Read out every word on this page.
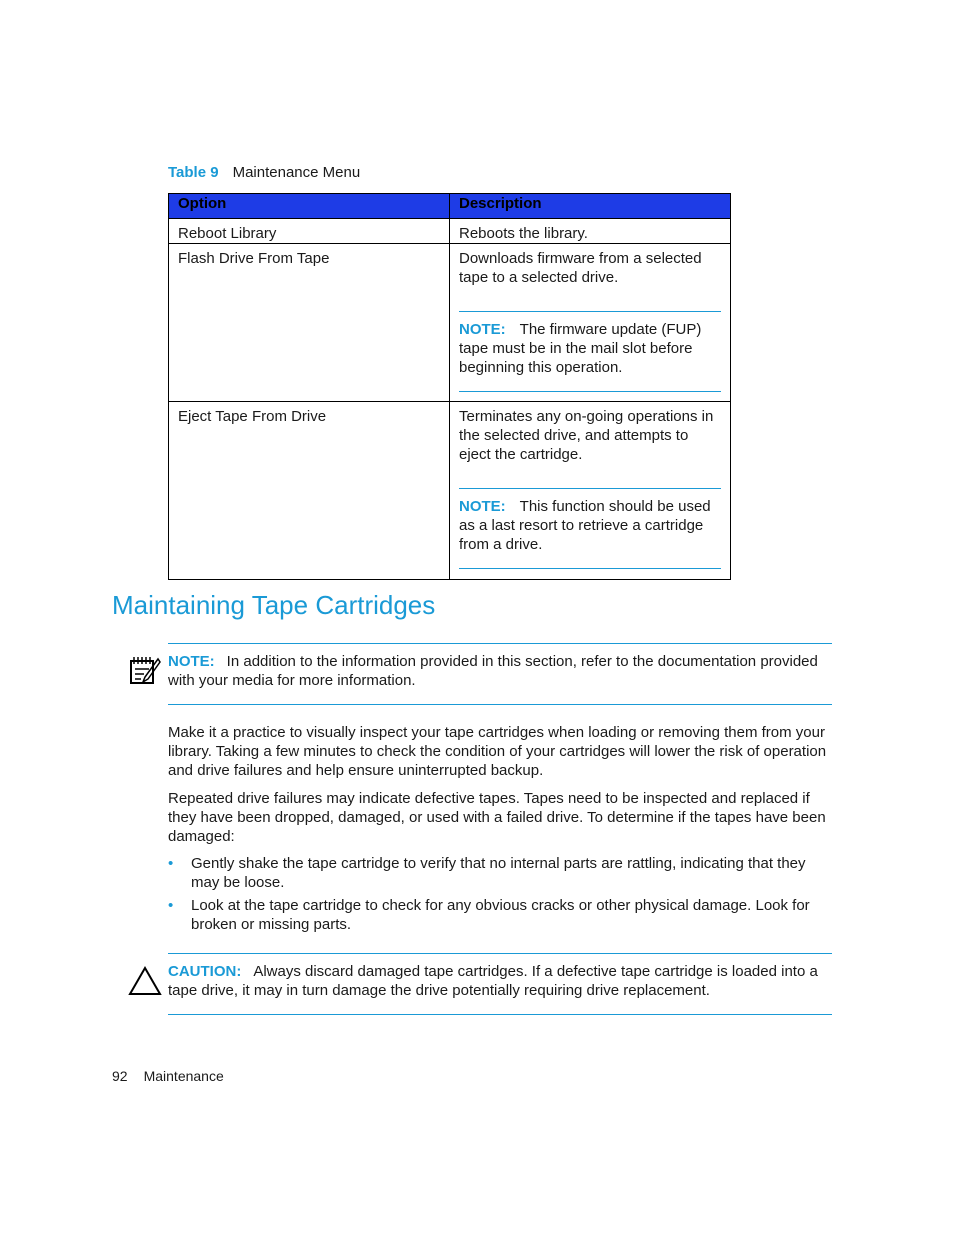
Table 9 Maintenance Menu
Option	Description
Reboot Library	Reboots the library.
Flash Drive From Tape	Downloads firmware from a selected tape to a selected drive.
NOTE: The firmware update (FUP) tape must be in the mail slot before beginning this operation.

Eject Tape From Drive	Terminates any on-going operations in the selected drive, and attempts to eject the cartridge.
NOTE: This function should be used as a last resort to retrieve a cartridge from a drive.
Maintaining Tape Cartridges
NOTE: In addition to the information provided in this section, refer to the documentation provided with your media for more information.
Make it a practice to visually inspect your tape cartridges when loading or removing them from your library. Taking a few minutes to check the condition of your cartridges will lower the risk of operation and drive failures and help ensure uninterrupted backup.
Repeated drive failures may indicate defective tapes. Tapes need to be inspected and replaced if they have been dropped, damaged, or used with a failed drive. To determine if the tapes have been damaged:
• Gently shake the tape cartridge to verify that no internal parts are rattling, indicating that they may be loose.
• Look at the tape cartridge to check for any obvious cracks or other physical damage. Look for broken or missing parts.
CAUTION: Always discard damaged tape cartridges. If a defective tape cartridge is loaded into a tape drive, it may in turn damage the drive potentially requiring drive replacement.
92 Maintenance
